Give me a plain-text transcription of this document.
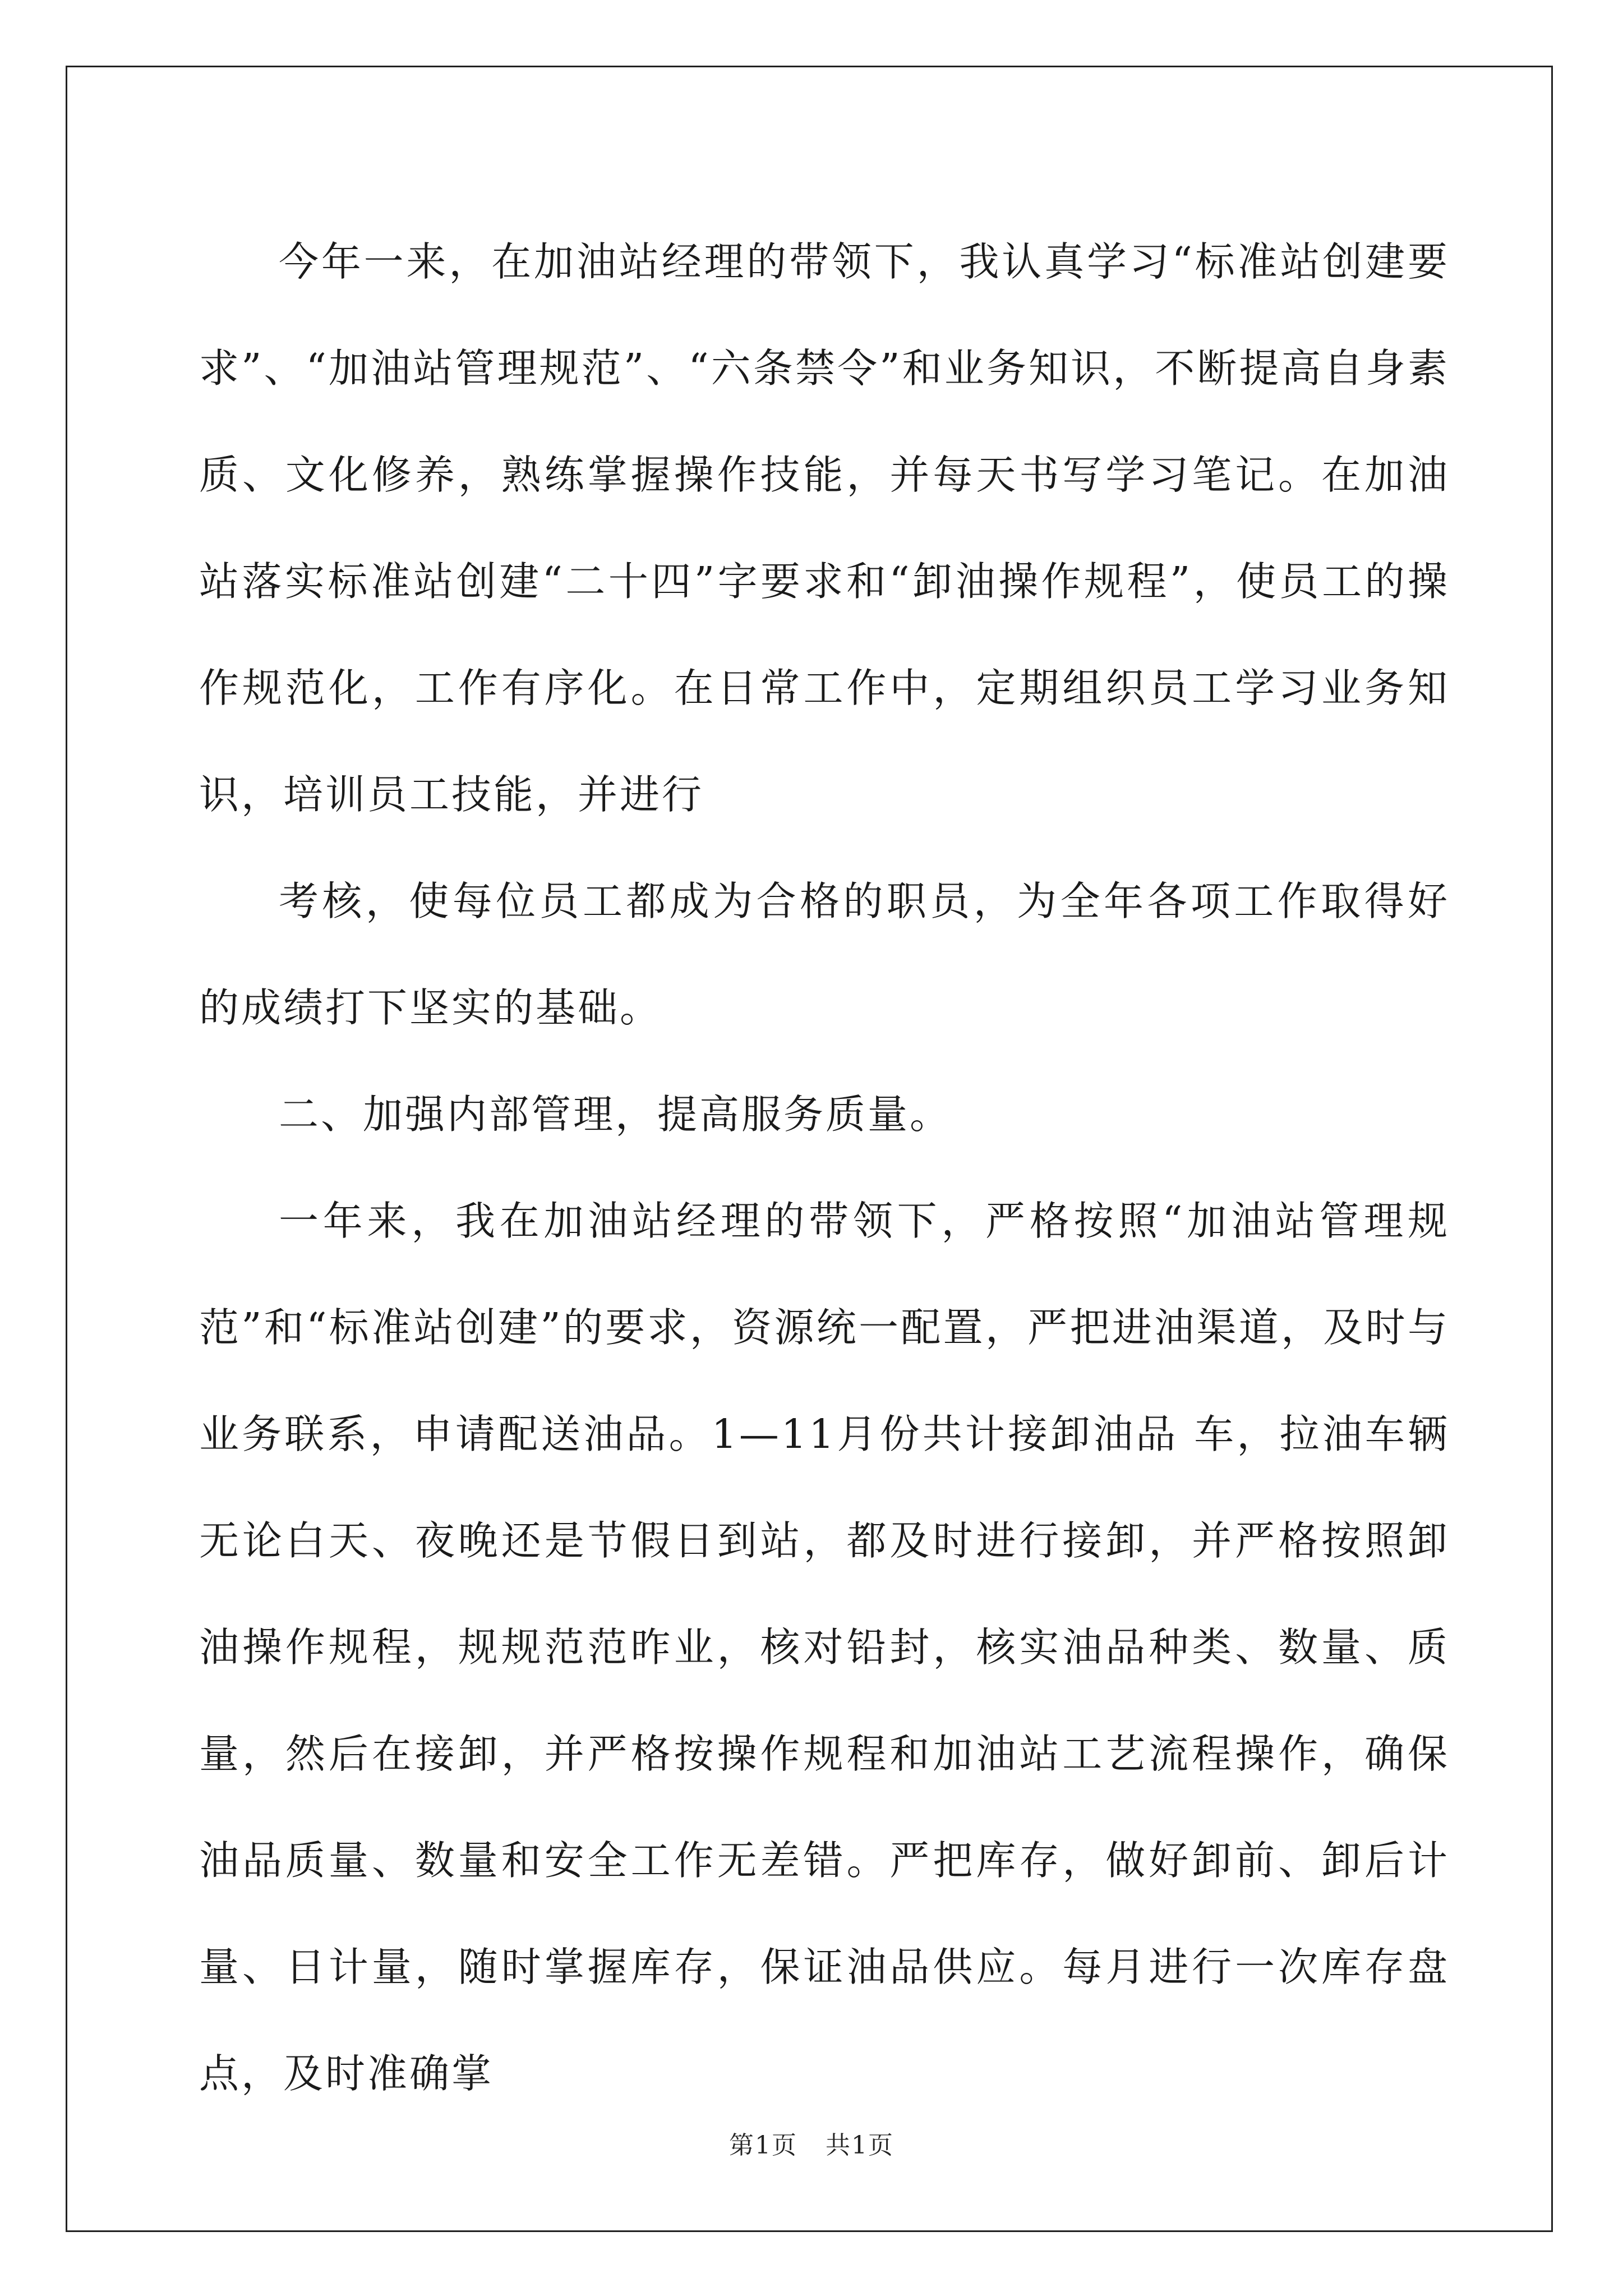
今年一来，在加油站经理的带领下，我认真学习“标准站创建要求”、“加油站管理规范”、“六条禁令”和业务知识，不断提高自身素质、文化修养，熟练掌握操作技能，并每天书写学习笔记。在加油站落实标准站创建“二十四”字要求和“卸油操作规程”，使员工的操作规范化，工作有序化。在日常工作中，定期组织员工学习业务知识，培训员工技能，并进行

考核，使每位员工都成为合格的职员，为全年各项工作取得好的成绩打下坚实的基础。

二、加强内部管理，提高服务质量。

一年来，我在加油站经理的带领下，严格按照“加油站管理规范”和“标准站创建”的要求，资源统一配置，严把进油渠道，及时与业务联系，申请配送油品。1—11月份共计接卸油品 车，拉油车辆无论白天、夜晚还是节假日到站，都及时进行接卸，并严格按照卸油操作规程，规规范范昨业，核对铅封，核实油品种类、数量、质量，然后在接卸，并严格按操作规程和加油站工艺流程操作，确保油品质量、数量和安全工作无差错。严把库存，做好卸前、卸后计量、日计量，随时掌握库存，保证油品供应。每月进行一次库存盘点，及时准确掌

第1页 共1页
